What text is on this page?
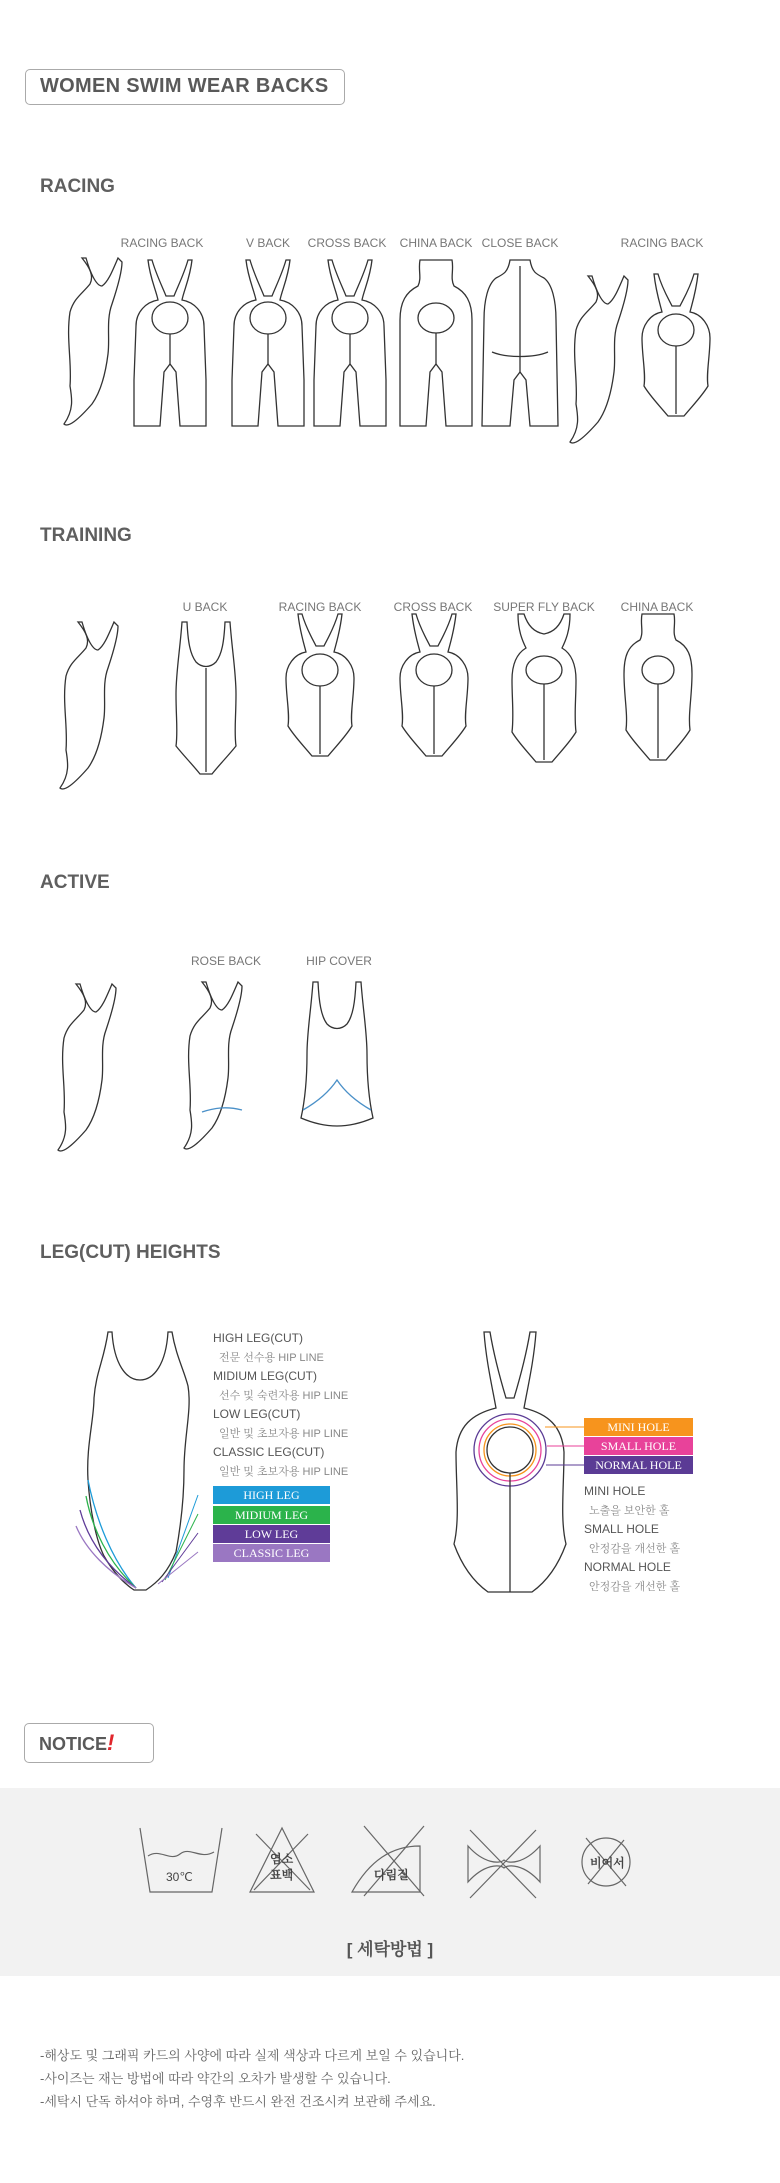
WOMEN SWIM WEAR BACKS
RACING
RACING BACK	V BACK CROSS BACK CHINA BACK CLOSE BACK	RACING BACK
TRAINING
U BACK	RACING BACK	CROSS BACK SUPER FLY BACK CHINA BACK
ACTIVE
ROSE BACK	HIP COVER
LEG(CUT) HEIGHTS
HIGH LEG(CUT)
전문 선수용 HIP LINE
MIDIUM LEG(CUT)
선수 및 숙련자용 HIP LINE
LOW LEG(CUT)
일반 및 초보자용 HIP LINE
CLASSIC LEG(CUT)
일반 및 초보자용 HIP LINE
HIGH LEG
MIDIUM LEG
LOW LEG
CLASSIC LEG
MINI HOLE
SMALL HOLE
NORMAL HOLE
MINI HOLE
노출을 보안한 홀
SMALL HOLE
안정감을 개선한 홀
NORMAL HOLE
안정감을 개선한 홀
NOTICE!
30℃
염소
표백	다림질
비어서
[ 세탁방법 ]
-해상도 및 그래픽 카드의 사양에 따라 실제 색상과 다르게 보일 수 있습니다.
-사이즈는 재는 방법에 따라 약간의 오차가 발생할 수 있습니다.
-세탁시 단독 하셔야 하며, 수영후 반드시 완전 건조시켜 보관해 주세요.
